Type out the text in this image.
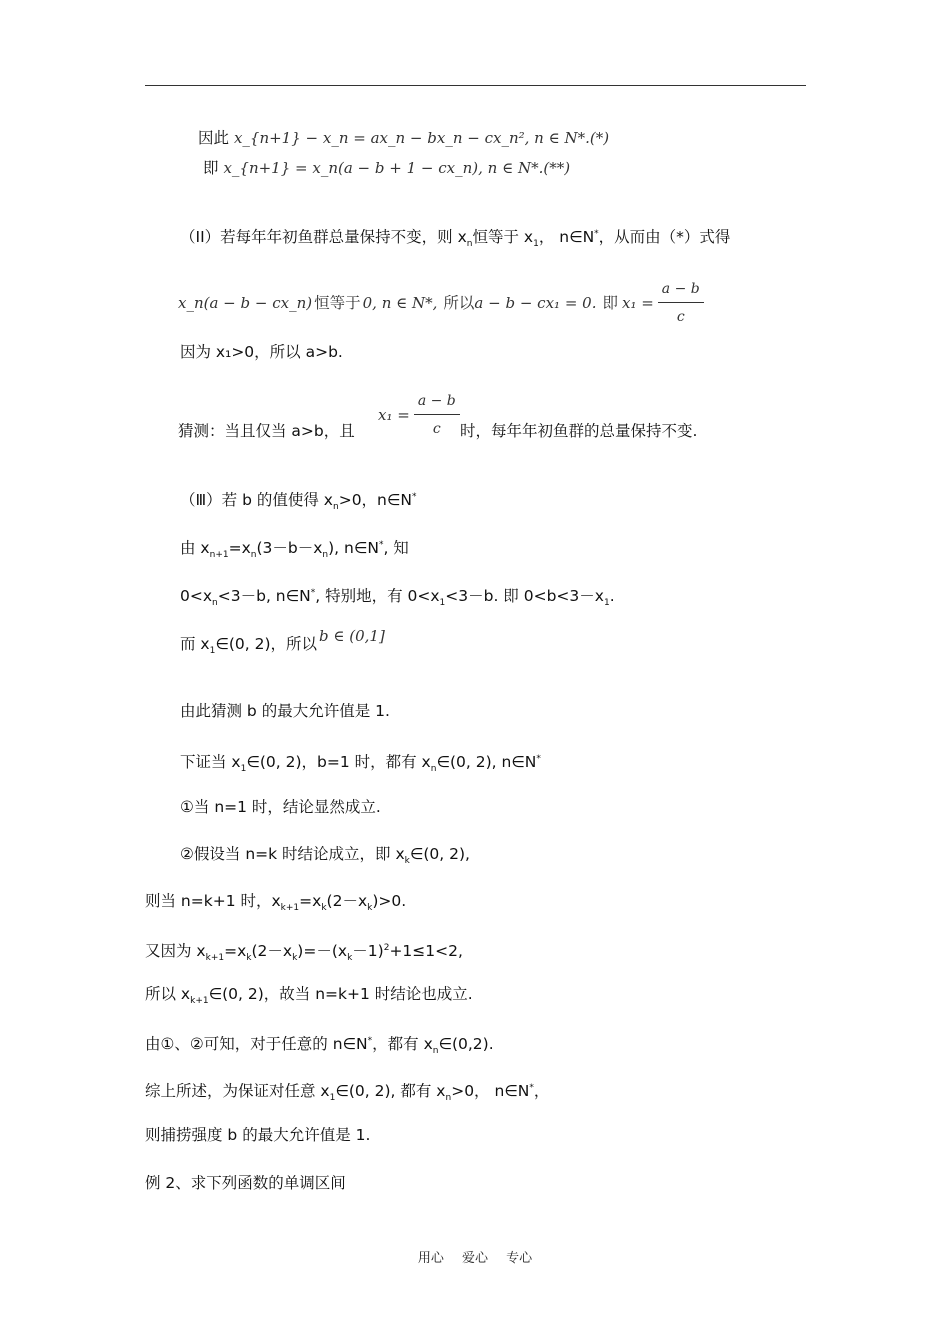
因此 x_{n+1} − x_n = ax_n − bx_n − cx_n², n ∈ N*.(*)
即 x_{n+1} = x_n(a − b + 1 − cx_n), n ∈ N*.(**)
（II）若每年年初鱼群总量保持不变，则 $x_n$恒等于 $x_1$， n∈N*，从而由（*）式得
x_n(a − b − cx_n) 恒等于 0, n ∈ N*, 所以 a − b − cx₁ = 0. 即 $x_1 = \frac{a - b}{c}$
因为 x₁>0，所以 a>b.
猜测：当且仅当 a>b，且
$x_1 = \frac{a - b}{c}$ 时，每年年初鱼群的总量保持不变.
（Ⅲ）若 b 的值使得 $x_n>0$，n∈N*
由 $x_{n+1}=x_n(3-b-x_n)$, n∈N*, 知
$0<x_n<3-b$, n∈N*, 特别地，有 $0<x_1<3-b$. 即 $0<b<3-x_1$.
而 $x_1\in(0$, 2)，所以 b ∈ (0,1]
由此猜测 b 的最大允许值是 1.
下证当 $x_1\in(0$, 2)，b=1 时，都有 $x_n\in(0$, 2), n∈N*
①当 n=1 时，结论显然成立.
②假设当 n=k 时结论成立，即 $x_k\in(0$, 2),
则当 n=k+1 时，$x_{k+1}=x_k(2-x_k)>0$.
又因为 $x_{k+1}=x_k(2-x_k)=-(x_k-1)^2+1\le 1<2$,
所以 $x_{k+1}\in(0$, 2)，故当 n=k+1 时结论也成立.
由①、②可知，对于任意的 n∈N*，都有 $x_n\in(0,2)$.
综上所述，为保证对任意 $x_1\in(0$, 2), 都有 $x_n>0$， n∈N*，
则捕捞强度 b 的最大允许值是 1.
例 2、求下列函数的单调区间
用心 爱心 专心
